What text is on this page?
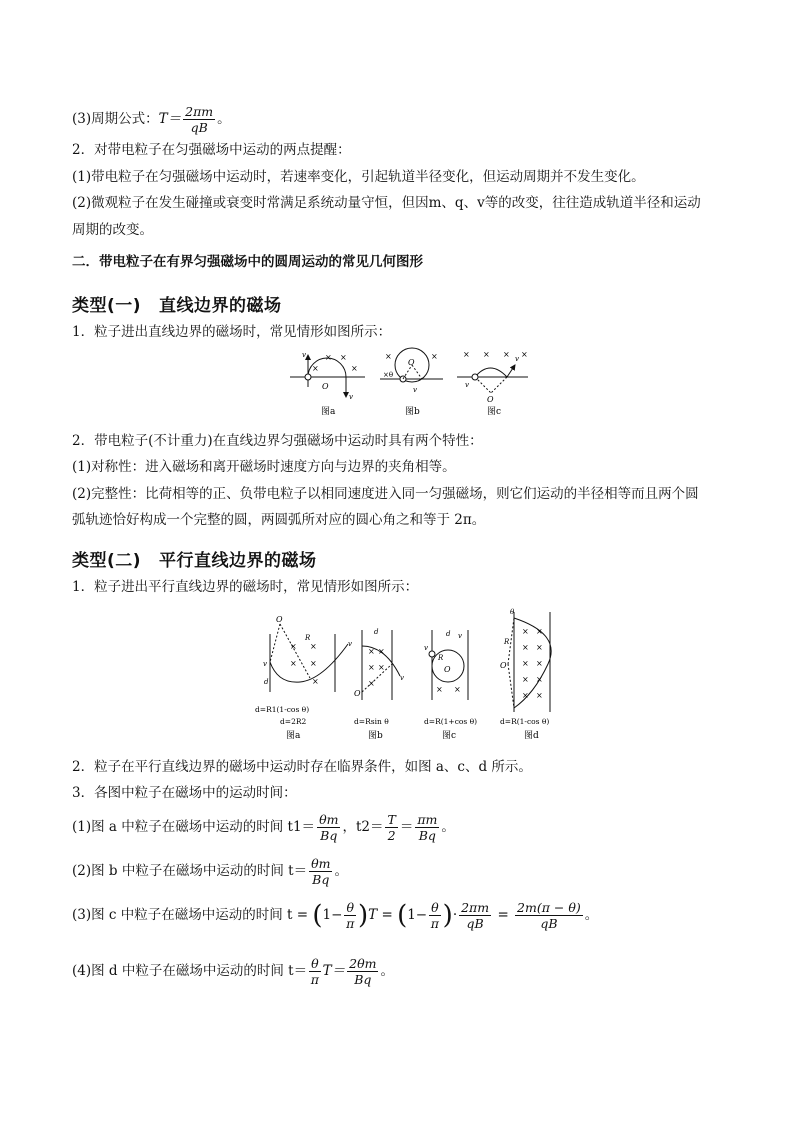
(3)周期公式：$T= \frac{2\pi m}{qB}$ 。
2．对带电粒子在匀强磁场中运动的两点提醒：
(1)带电粒子在匀强磁场中运动时，若速率变化，引起轨道半径变化，但运动周期并不发生变化。
(2)微观粒子在发生碰撞或衰变时常满足系统动量守恒，但因m、q、v等的改变，往往造成轨道半径和运动
周期的改变。
二．带电粒子在有界匀强磁场中的圆周运动的常见几何图形
类型(一) 直线边界的磁场
1．粒子进出直线边界的磁场时，常见情形如图所示：
v
v
O
× ×
×	×
图a
O
×θ
×	×
v
图b
O
v
v
× × × ×
图c
2．带电粒子(不计重力)在直线边界匀强磁场中运动时具有两个特性：
(1)对称性：进入磁场和离开磁场时速度方向与边界的夹角相等。
(2)完整性：比荷相等的正、负带电粒子以相同速度进入同一匀强磁场，则它们运动的半径相等而且两个圆
弧轨迹恰好构成一个完整的圆，两圆弧所对应的圆心角之和等于 2π。
类型(二) 平行直线边界的磁场
1．粒子进出平行直线边界的磁场时，常见情形如图所示：
O
R
v
v
d
× ×
× ×
×
d=R1(1-cos θ)
d=2R2
图a
O
d
v
× ×
× ×
×
d=Rsin θ
图b
O
R
v
v
d
× ×
d=R(1+cos θ)
图c
O
R
θ
× ×
× ×
× ×
× ×
× ×
d=R(1-cos θ)
图d
2．粒子在平行直线边界的磁场中运动时存在临界条件，如图 a、c、d 所示。
3．各图中粒子在磁场中的运动时间：
(1)图 a 中粒子在磁场中运动的时间 $t1= \frac{\theta m}{Bq}$ ，$t2= \frac{T}{2} = \frac{\pi m}{Bq}$ 。
(2)图 b 中粒子在磁场中运动的时间 $t= \frac{\theta m}{Bq}$ 。
(3)图 c 中粒子在磁场中运动的时间 $t = (1- \frac{\theta}{\pi} )T = (1- \frac{\theta}{\pi}$ )· $\frac{2\pi m}{qB} = \frac{2m(\pi - \theta)}{qB}$ 。
(4)图 d 中粒子在磁场中运动的时间 $t= \frac{\theta}{\pi} T= \frac{2\theta m}{Bq}$ 。
